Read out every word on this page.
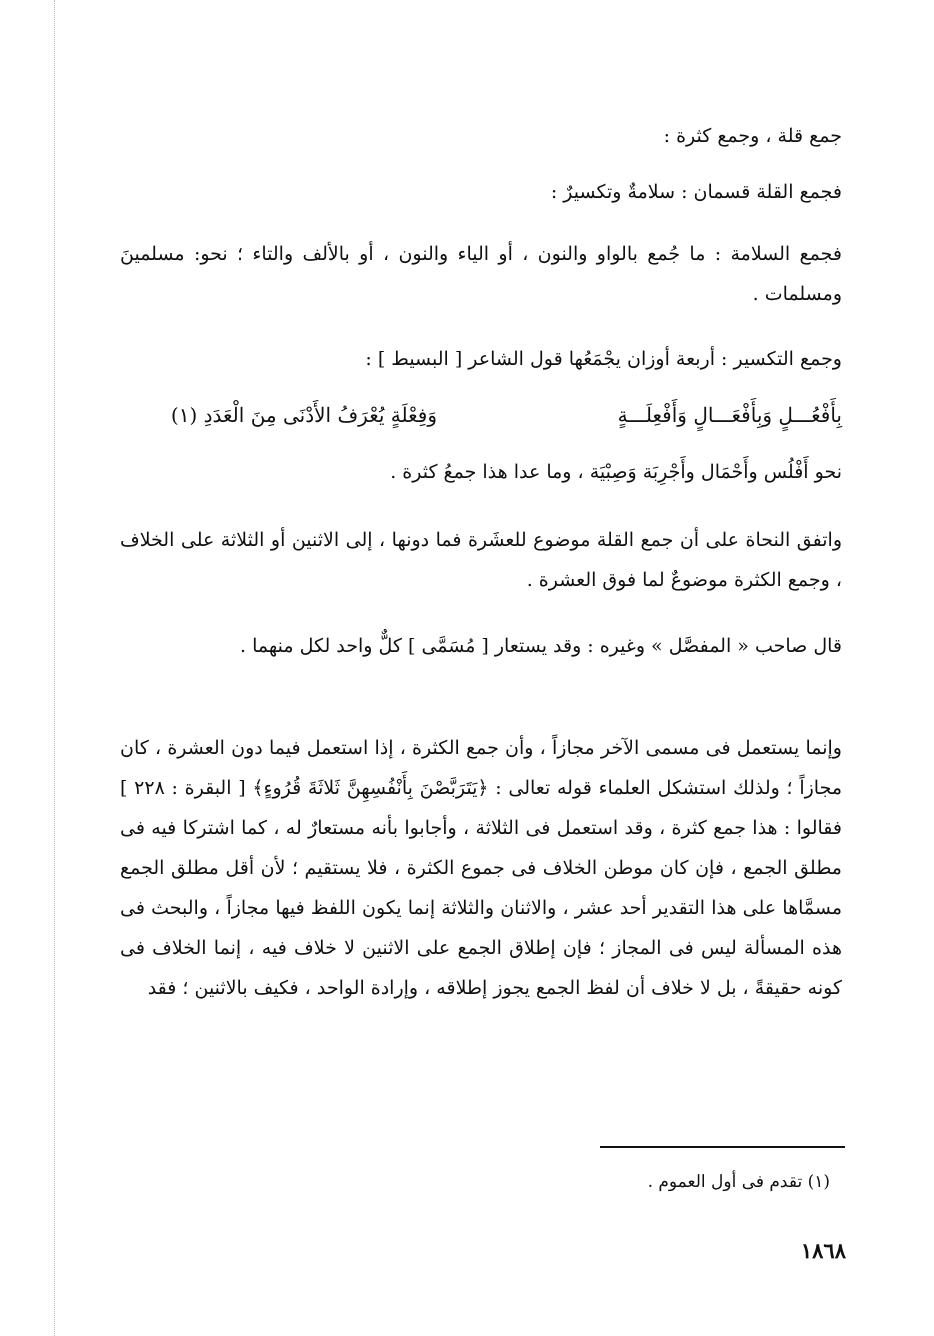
جمع قلة ، وجمع كثرة :

فجمع القلة قسمان : سلامةٌ وتكسيرٌ :

فجمع السلامة : ما جُمع بالواو والنون ، أو الياء والنون ، أو بالألف والتاء ؛ نحو: مسلمينَ ومسلمات .

وجمع التكسير : أربعة أوزان يجْمَعُها قول الشاعر [ البسيط ] :

بِأَفْعُـــلٍ وَبِأَفْعَـــالٍ وَأَفْعِلَـــةٍ
وَفِعْلَةٍ يُعْرَفُ الأَدْنَى مِنَ الْعَدَدِ (١)

نحو أَفْلُس وأَحْمَال وأَجْرِبَة وَصِبْيَة ، وما عدا هذا جمعُ كثرة .

واتفق النحاة على أن جمع القلة موضوع للعشَرة فما دونها ، إلى الاثنين أو الثلاثة على الخلاف ، وجمع الكثرة موضوعٌ لما فوق العشرة .

قال صاحب « المفصَّل » وغيره : وقد يستعار [ مُسَمَّى ] كلٌّ واحد لكل منهما .

وإنما يستعمل فى مسمى الآخر مجازاً ، وأن جمع الكثرة ، إذا استعمل فيما دون العشرة ، كان مجازاً ؛ ولذلك استشكل العلماء قوله تعالى : ﴿يَتَرَبَّصْنَ بِأَنْفُسِهِنَّ ثَلاثَةَ قُرُوءٍ﴾ [ البقرة : ٢٢٨ ] فقالوا : هذا جمع كثرة ، وقد استعمل فى الثلاثة ، وأجابوا بأنه مستعارٌ له ، كما اشتركا فيه فى مطلق الجمع ، فإن كان موطن الخلاف فى جموع الكثرة ، فلا يستقيم ؛ لأن أقل مطلق الجمع مسمَّاها على هذا التقدير أحد عشر ، والاثنان والثلاثة إنما يكون اللفظ فيها مجازاً ، والبحث فى هذه المسألة ليس فى المجاز ؛ فإن إطلاق الجمع على الاثنين لا خلاف فيه ، إنما الخلاف فى كونه حقيقةً ، بل لا خلاف أن لفظ الجمع يجوز إطلاقه ، وإرادة الواحد ، فكيف بالاثنين ؛ فقد

(١) تقدم فى أول العموم .

١٨٦٨
